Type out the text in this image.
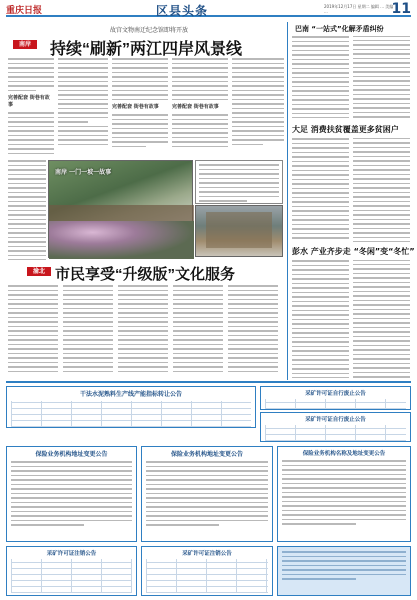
重庆日报	区县头条	2019年12月17日 星期二 编辑 ... 美编 ...	11
故宫文物南迁纪念馆即将开放
南岸	持续“刷新”两江四岸风景线
完善配套 街巷有故事	完善配套 街巷有故事	完善配套 街巷有故事
南岸 一门一坡一故事
渝北 市民享受“升级版”文化服务
巴南 “一站式”化解矛盾纠纷
大足 消费扶贫覆盖更多贫困户
彭水 产业齐步走 “冬闲”变“冬忙”
干法水泥熟料生产线产能指标转让公告	采矿许可证自行废止公告
采矿许可证自行废止公告
保险业务机构地址变更公告	保险业务机构地址变更公告	保险业务机构名称及地址变更公告
采矿许可证注销公告	采矿许可证注销公告
